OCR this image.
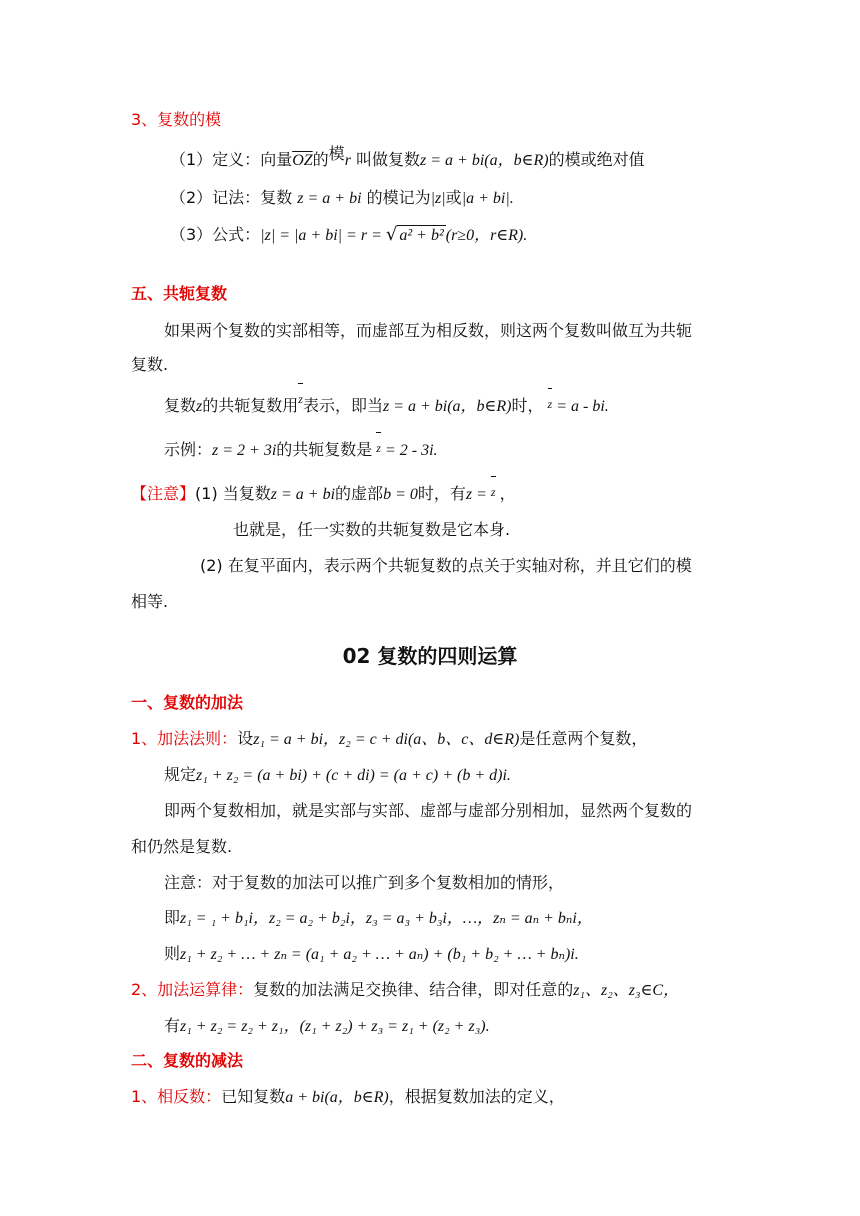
3、复数的模
（1）定义：向量$\overline{OZ}$的模r 叫做复数z = a + bi(a，b∈R)的模或绝对值
（2）记法：复数 z = a + bi 的模记为|z|或|a + bi|.
（3）公式：|z| = |a + bi| = r = √ a² + b² (r≥0，r∈R).
五、共轭复数
如果两个复数的实部相等，而虚部互为相反数，则这两个复数叫做互为共轭
复数.
复数z的共轭复数用z表示，即当z = a + bi(a，b∈R)时， z = a - bi.
示例：z = 2 + 3i的共轭复数是 z = 2 - 3i.
【注意】(1) 当复数z = a + bi的虚部b = 0时，有z = z ，
也就是，任一实数的共轭复数是它本身.
(2) 在复平面内，表示两个共轭复数的点关于实轴对称，并且它们的模
相等.
02 复数的四则运算
一、复数的加法
1、加法法则：设z₁ = a + bi，z₂ = c + di(a、b、c、d∈R)是任意两个复数，
规定z₁ + z₂ = (a + bi) + (c + di) = (a + c) + (b + d)i.
即两个复数相加，就是实部与实部、虚部与虚部分别相加，显然两个复数的
和仍然是复数.
注意：对于复数的加法可以推广到多个复数相加的情形，
即z₁ = ₁ + b₁i，z₂ = a₂ + b₂i，z₃ = a₃ + b₃i，…，zₙ = aₙ + bₙi，
则z₁ + z₂ + … + zₙ = (a₁ + a₂ + … + aₙ) + (b₁ + b₂ + … + bₙ)i.
2、加法运算律：复数的加法满足交换律、结合律，即对任意的z₁、z₂、z₃∈C，
有z₁ + z₂ = z₂ + z₁，(z₁ + z₂) + z₃ = z₁ + (z₂ + z₃).
二、复数的减法
1、相反数：已知复数a + bi(a，b∈R)，根据复数加法的定义，
